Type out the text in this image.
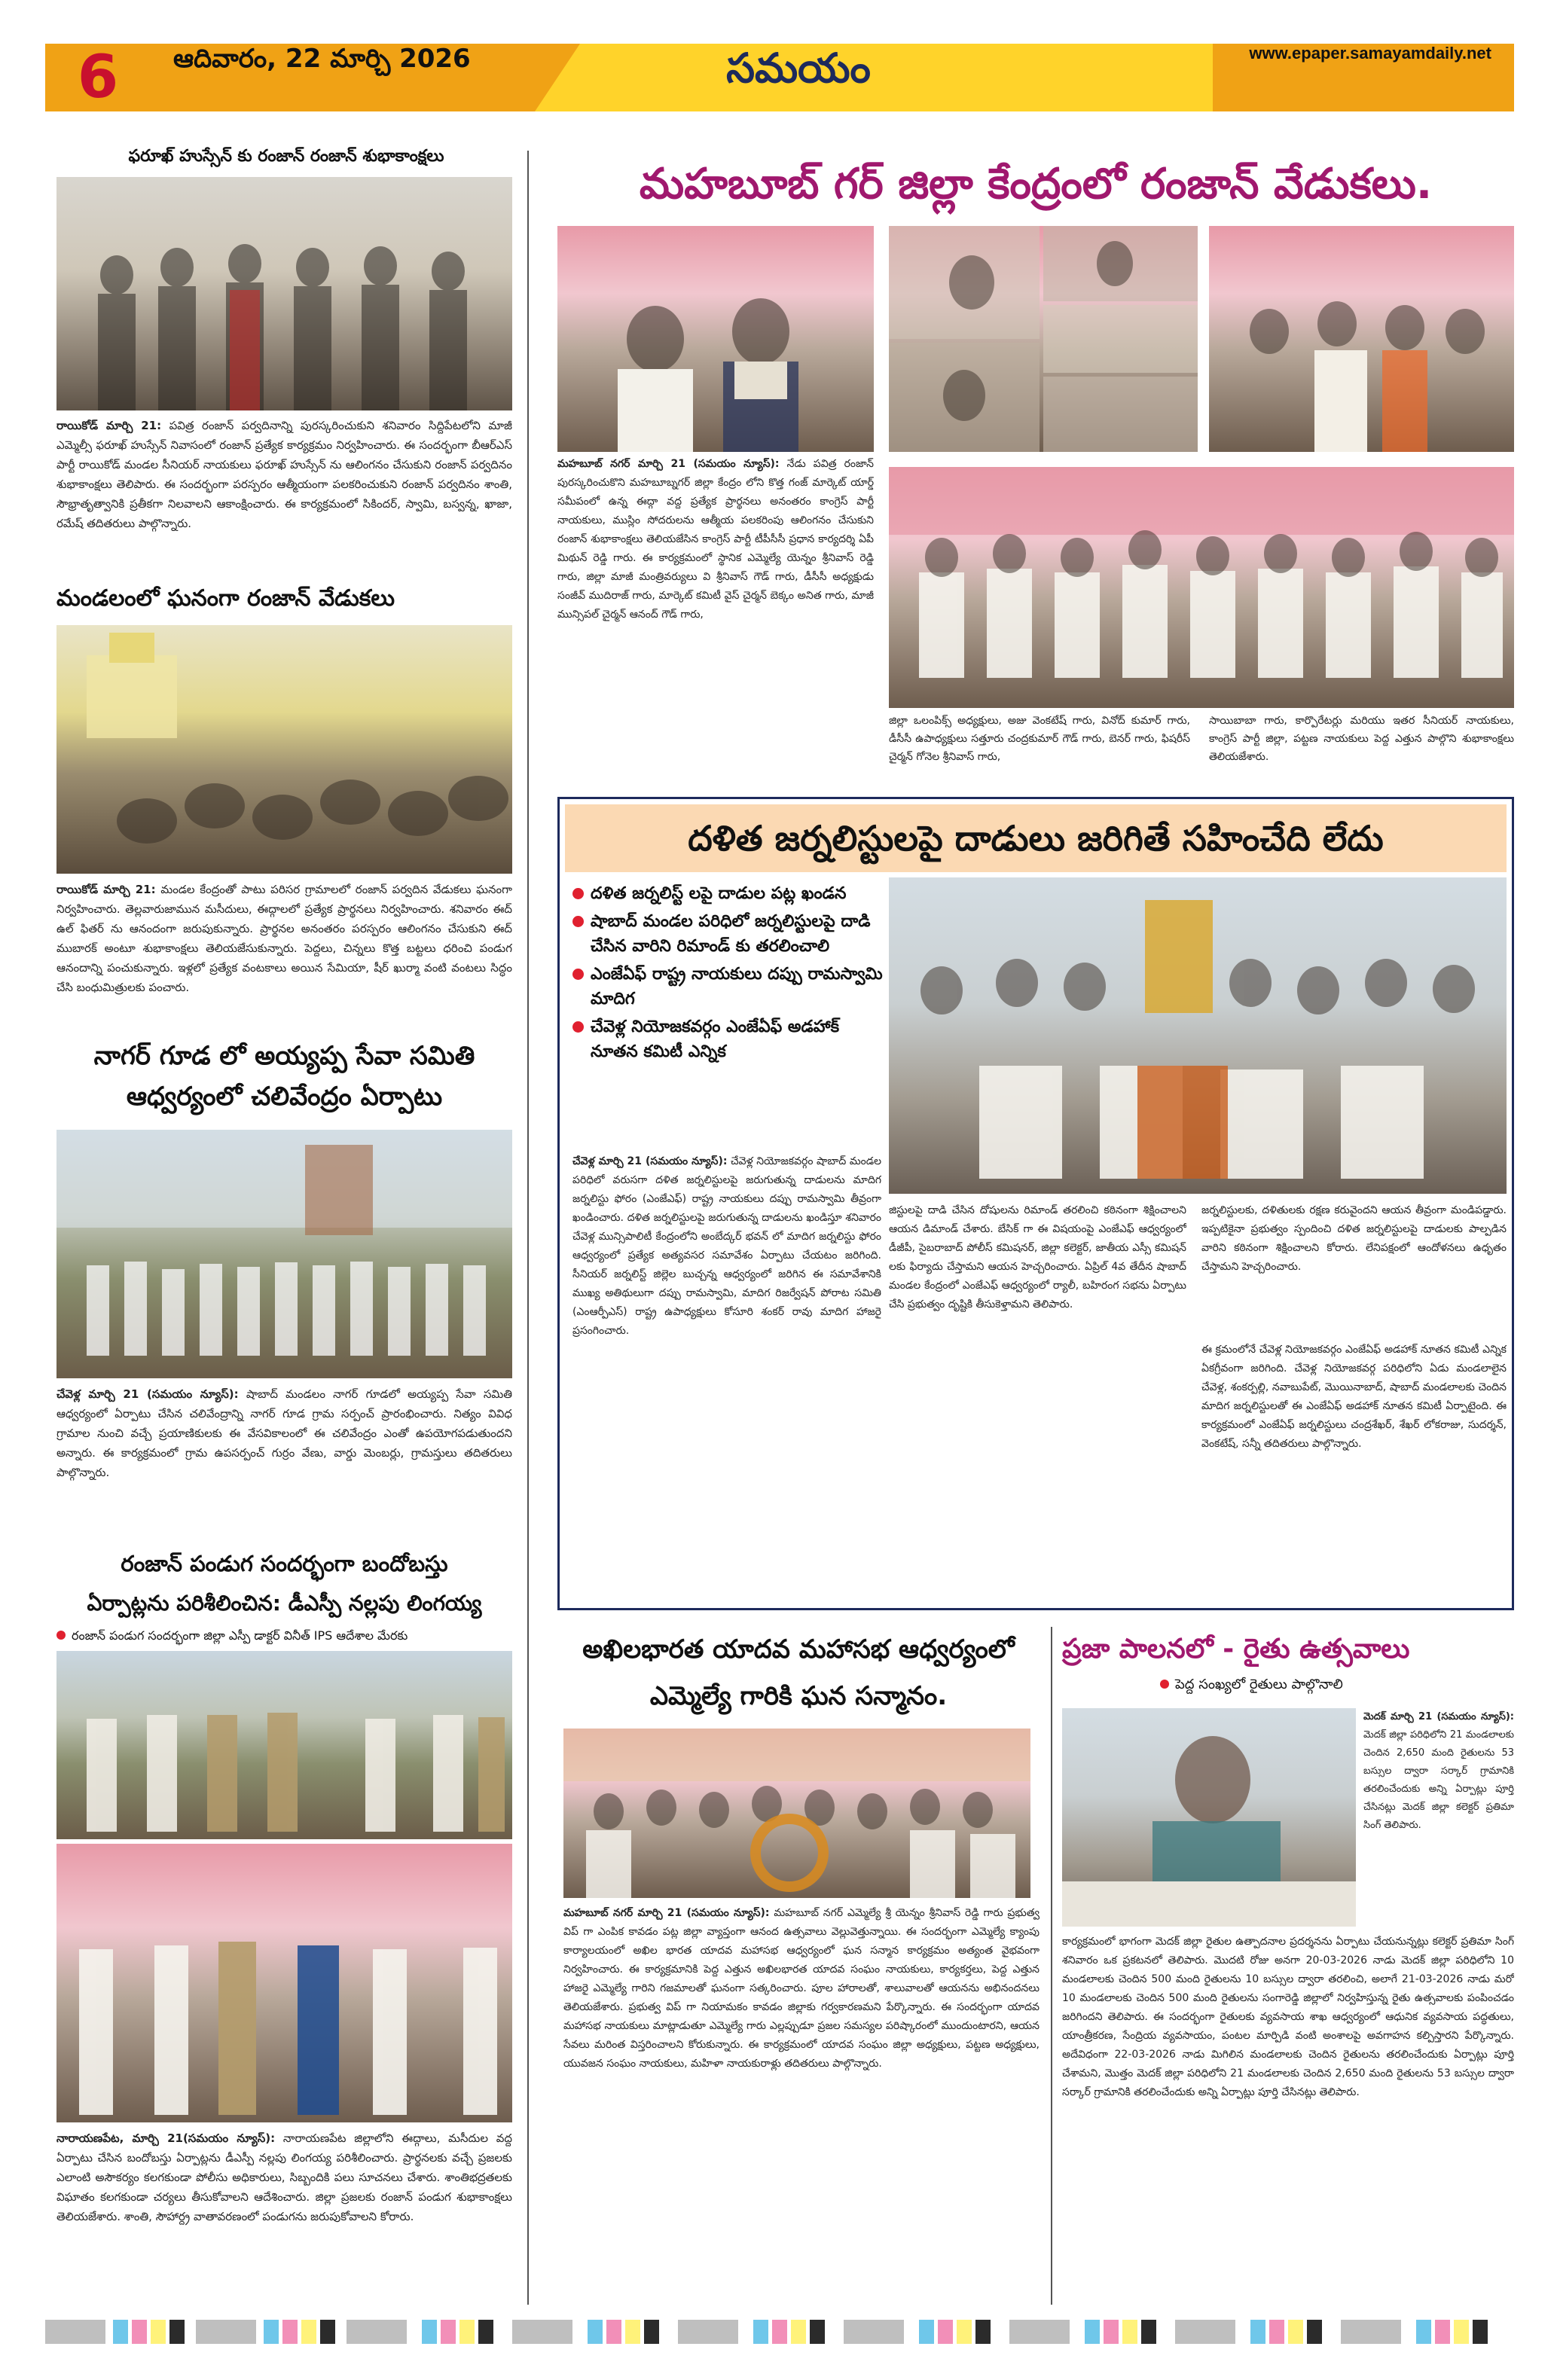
6	ఆదివారం, 22 మార్చి 2026	సమయం	www.epaper.samayamdaily.net
ఫరూఖ్ హుస్సేన్ కు రంజాన్ రంజాన్ శుభాకాంక్షలు
రాయికోడ్ మార్చి 21: పవిత్ర రంజాన్ పర్వదినాన్ని పురస్కరించుకుని శనివారం సిద్దిపేటలోని మాజీ ఎమ్మెల్సీ ఫరూఖ్ హుస్సేన్ నివాసంలో రంజాన్ ప్రత్యేక కార్యక్రమం నిర్వహించారు. ఈ సందర్భంగా బీఆర్ఎస్ పార్టీ రాయికోడ్ మండల సీనియర్ నాయకులు ఫరూఖ్ హుస్సేన్ ను ఆలింగనం చేసుకుని రంజాన్ పర్వదినం శుభాకాంక్షలు తెలిపారు. ఈ సందర్భంగా పరస్పరం ఆత్మీయంగా పలకరించుకుని రంజాన్ పర్వదినం శాంతి, సౌభ్రాతృత్వానికి ప్రతీకగా నిలవాలని ఆకాంక్షించారు. ఈ కార్యక్రమంలో సికిందర్, స్వామి, బస్వన్న, ఖాజా, రమేష్ తదితరులు పాల్గొన్నారు.
మండలంలో ఘనంగా రంజాన్ వేడుకలు
రాయికోడ్ మార్చి 21: మండల కేంద్రంతో పాటు పరిసర గ్రామాలలో రంజాన్ పర్వదిన వేడుకలు ఘనంగా నిర్వహించారు. తెల్లవారుజామున మసీదులు, ఈద్గాలలో ప్రత్యేక ప్రార్థనలు నిర్వహించారు. శనివారం ఈద్ ఉల్ ఫితర్ ను ఆనందంగా జరుపుకున్నారు. ప్రార్థనల అనంతరం పరస్పరం ఆలింగనం చేసుకుని ఈద్ ముబారక్ అంటూ శుభాకాంక్షలు తెలియజేసుకున్నారు. పెద్దలు, చిన్నలు కొత్త బట్టలు ధరించి పండుగ ఆనందాన్ని పంచుకున్నారు. ఇళ్లలో ప్రత్యేక వంటకాలు అయిన సేమియా, షీర్ ఖుర్మా వంటి వంటలు సిద్ధం చేసి బంధుమిత్రులకు పంచారు.
నాగర్ గూడ లో అయ్యప్ప సేవా సమితి ఆధ్వర్యంలో చలివేంద్రం ఏర్పాటు
చేవెళ్ల మార్చి 21 (సమయం న్యూస్): షాబాద్ మండలం నాగర్ గూడలో అయ్యప్ప సేవా సమితి ఆధ్వర్యంలో ఏర్పాటు చేసిన చలివేంద్రాన్ని నాగర్ గూడ గ్రామ సర్పంచ్ ప్రారంభించారు. నిత్యం వివిధ గ్రామాల నుంచి వచ్చే ప్రయాణికులకు ఈ వేసవికాలంలో ఈ చలివేంద్రం ఎంతో ఉపయోగపడుతుందని అన్నారు. ఈ కార్యక్రమంలో గ్రామ ఉపసర్పంచ్ గుర్రం వేణు, వార్డు మెంబర్లు, గ్రామస్తులు తదితరులు పాల్గొన్నారు.
రంజాన్ పండుగ సందర్భంగా బందోబస్తు
ఏర్పాట్లను పరిశీలించిన: డీఎస్పీ నల్లపు లింగయ్య
రంజాన్ పండుగ సందర్భంగా జిల్లా ఎస్పీ డాక్టర్ వినీత్ IPS ఆదేశాల మేరకు
నారాయణపేట, మార్చి 21(సమయం న్యూస్): నారాయణపేట జిల్లాలోని ఈద్గాలు, మసీదుల వద్ద ఏర్పాటు చేసిన బందోబస్తు ఏర్పాట్లను డీఎస్పీ నల్లపు లింగయ్య పరిశీలించారు. ప్రార్థనలకు వచ్చే ప్రజలకు ఎలాంటి అసౌకర్యం కలగకుండా పోలీసు అధికారులు, సిబ్బందికి పలు సూచనలు చేశారు. శాంతిభద్రతలకు విఘాతం కలగకుండా చర్యలు తీసుకోవాలని ఆదేశించారు. జిల్లా ప్రజలకు రంజాన్ పండుగ శుభాకాంక్షలు తెలియజేశారు. శాంతి, సౌహార్ద్ర వాతావరణంలో పండుగను జరుపుకోవాలని కోరారు.
మహబూబ్ గర్ జిల్లా కేంద్రంలో రంజాన్ వేడుకలు.
మహబూబ్ నగర్ మార్చి 21 (సమయం న్యూస్): నేడు పవిత్ర రంజాన్ పురస్కరించుకొని మహబూబ్నగర్ జిల్లా కేంద్రం లోని కొత్త గంజ్ మార్కెట్ యార్డ్ సమీపంలో ఉన్న ఈద్గా వద్ద ప్రత్యేక ప్రార్థనలు అనంతరం కాంగ్రెస్ పార్టీ నాయకులు, ముస్లిం సోదరులను ఆత్మీయ పలకరింపు ఆలింగనం చేసుకుని రంజాన్ శుభాకాంక్షలు తెలియజేసిన కాంగ్రెస్ పార్టీ టీపీసీసీ ప్రధాన కార్యదర్శి ఏపీ మిథున్ రెడ్డి గారు. ఈ కార్యక్రమంలో స్థానిక ఎమ్మెల్యే యెన్నం శ్రీనివాస్ రెడ్డి గారు, జిల్లా మాజీ మంత్రివర్యులు వి శ్రీనివాస్ గౌడ్ గారు, డీసీసీ అధ్యక్షుడు సంజీవ్ ముదిరాజ్ గారు, మార్కెట్ కమిటీ వైస్ చైర్మన్ బెక్కం అనిత గారు, మాజీ మున్సిపల్ చైర్మన్ ఆనంద్ గౌడ్ గారు,
జిల్లా ఒలంపిక్స్ అధ్యక్షులు, అజు వెంకటేష్ గారు, వినోద్ కుమార్ గారు, డీసీసీ ఉపాధ్యక్షులు సత్తూరు చంద్రకుమార్ గౌడ్ గారు, బెనర్ గారు, ఫిషరీస్ చైర్మన్ గోనెల శ్రీనివాస్ గారు,
సాయిబాబా గారు, కార్పొరేటర్లు మరియు ఇతర సీనియర్ నాయకులు, కాంగ్రెస్ పార్టీ జిల్లా, పట్టణ నాయకులు పెద్ద ఎత్తున పాల్గొని శుభాకాంక్షలు తెలియజేశారు.
దళిత జర్నలిస్టులపై దాడులు జరిగితే సహించేది లేదు
దళిత జర్నలిస్ట్ లపై దాడుల పట్ల ఖండన
షాబాద్ మండల పరిధిలో జర్నలిస్టులపై దాడి చేసిన వారిని రిమాండ్ కు తరలించాలి
ఎంజేఏఫ్ రాష్ట్ర నాయకులు దప్పు రామస్వామి మాదిగ
చేవెళ్ల నియోజకవర్గం ఎంజేఏఫ్ అడహాక్ నూతన కమిటీ ఎన్నిక
చేవెళ్ల మార్చి 21 (సమయం న్యూస్): చేవెళ్ల నియోజకవర్గం షాబాద్ మండల పరిధిలో వరుసగా దళిత జర్నలిస్టులపై జరుగుతున్న దాడులను మాదిగ జర్నలిస్టు ఫోరం (ఎంజేఎఫ్) రాష్ట్ర నాయకులు దప్పు రామస్వామి తీవ్రంగా ఖండించారు. దళిత జర్నలిస్టులపై జరుగుతున్న దాడులను ఖండిస్తూ శనివారం చేవెళ్ల మున్సిపాలిటీ కేంద్రంలోని అంబేద్కర్ భవన్ లో మాదిగ జర్నలిస్టు ఫోరం ఆధ్వర్యంలో ప్రత్యేక అత్యవసర సమావేశం ఏర్పాటు చేయటం జరిగింది. సీనియర్ జర్నలిస్ట్ జిల్లెల బుచ్చన్న ఆధ్వర్యంలో జరిగిన ఈ సమావేశానికి ముఖ్య అతిథులుగా దప్పు రామస్వామి, మాదిగ రిజర్వేషన్ పోరాట సమితి (ఎంఆర్పీఎస్) రాష్ట్ర ఉపాధ్యక్షులు కోసూరి శంకర్ రావు మాదిగ హాజరై ప్రసంగించారు.
జిస్టులపై దాడి చేసిన దోషులను రిమాండ్ తరలించి కఠినంగా శిక్షించాలని ఆయన డిమాండ్ చేశారు. బేసిక్ గా ఈ విషయంపై ఎంజేఎఫ్ ఆధ్వర్యంలో డీజీపీ, సైబరాబాద్ పోలీస్ కమిషనర్, జిల్లా కలెక్టర్, జాతీయ ఎస్సీ కమిషన్ లకు ఫిర్యాదు చేస్తామని ఆయన హెచ్చరించారు. ఏప్రిల్ 4వ తేదీన షాబాద్ మండల కేంద్రంలో ఎంజేఎఫ్ ఆధ్వర్యంలో ర్యాలీ, బహిరంగ సభను ఏర్పాటు చేసి ప్రభుత్వం దృష్టికి తీసుకెళ్తామని తెలిపారు.
జర్నలిస్టులకు, దళితులకు రక్షణ కరువైందని ఆయన తీవ్రంగా మండిపడ్డారు. ఇప్పటికైనా ప్రభుత్వం స్పందించి దళిత జర్నలిస్టులపై దాడులకు పాల్పడిన వారిని కఠినంగా శిక్షించాలని కోరారు. లేనిపక్షంలో ఆందోళనలు ఉధృతం చేస్తామని హెచ్చరించారు.
ఈ క్రమంలోనే చేవెళ్ల నియోజకవర్గం ఎంజేఏఫ్ అడహాక్ నూతన కమిటీ ఎన్నిక ఏకగ్రీవంగా జరిగింది. చేవెళ్ల నియోజకవర్గ పరిధిలోని ఏడు మండలాలైన చేవెళ్ల, శంకర్పల్లి, నవాబుపేట్, మొయినాబాద్, షాబాద్ మండలాలకు చెందిన మాదిగ జర్నలిస్టులతో ఈ ఎంజేఏఫ్ అడహాక్ నూతన కమిటీ ఏర్పాటైంది. ఈ కార్యక్రమంలో ఎంజేఏఫ్ జర్నలిస్టులు చంద్రశేఖర్, శేఖర్ లోకరాజు, సుదర్శన్, వెంకటేష్, సన్నీ తదితరులు పాల్గొన్నారు.
అఖిలభారత యాదవ మహాసభ ఆధ్వర్యంలో
ఎమ్మెల్యే గారికి ఘన సన్మానం.
మహబూబ్ నగర్ మార్చి 21 (సమయం న్యూస్): మహబూబ్ నగర్ ఎమ్మెల్యే శ్రీ యెన్నం శ్రీనివాస్ రెడ్డి గారు ప్రభుత్వ విప్ గా ఎంపిక కావడం పట్ల జిల్లా వ్యాప్తంగా ఆనంద ఉత్సవాలు వెల్లువెత్తున్నాయి. ఈ సందర్భంగా ఎమ్మెల్యే క్యాంపు కార్యాలయంలో అఖిల భారత యాదవ మహాసభ ఆధ్వర్యంలో ఘన సన్మాన కార్యక్రమం అత్యంత వైభవంగా నిర్వహించారు. ఈ కార్యక్రమానికి పెద్ద ఎత్తున అఖిలభారత యాదవ సంఘం నాయకులు, కార్యకర్తలు, పెద్ద ఎత్తున హాజరై ఎమ్మెల్యే గారిని గజమాలతో ఘనంగా సత్కరించారు. పూల హారాలతో, శాలువాలతో ఆయనను అభినందనలు తెలియజేశారు. ప్రభుత్వ విప్ గా నియామకం కావడం జిల్లాకు గర్వకారణమని పేర్కొన్నారు. ఈ సందర్భంగా యాదవ మహాసభ నాయకులు మాట్లాడుతూ ఎమ్మెల్యే గారు ఎల్లప్పుడూ ప్రజల సమస్యల పరిష్కారంలో ముందుంటారని, ఆయన సేవలు మరింత విస్తరించాలని కోరుకున్నారు. ఈ కార్యక్రమంలో యాదవ సంఘం జిల్లా అధ్యక్షులు, పట్టణ అధ్యక్షులు, యువజన సంఘం నాయకులు, మహిళా నాయకురాళ్లు తదితరులు పాల్గొన్నారు.
ప్రజా పాలనలో - రైతు ఉత్సవాలు
పెద్ద సంఖ్యలో రైతులు పాల్గొనాలి
మెదక్ మార్చి 21 (సమయం న్యూస్): మెదక్ జిల్లా పరిధిలోని 21 మండలాలకు చెందిన 2,650 మంది రైతులను 53 బస్సుల ద్వారా సర్కార్ గ్రామానికి తరలించేందుకు అన్ని ఏర్పాట్లు పూర్తి చేసినట్లు మెదక్ జిల్లా కలెక్టర్ ప్రతిమా సింగ్ తెలిపారు.
కార్యక్రమంలో భాగంగా మెదక్ జిల్లా రైతుల ఉత్పాదనాల ప్రదర్శనను ఏర్పాటు చేయనున్నట్లు కలెక్టర్ ప్రతిమా సింగ్ శనివారం ఒక ప్రకటనలో తెలిపారు. మొదటి రోజు అనగా 20-03-2026 నాడు మెదక్ జిల్లా పరిధిలోని 10 మండలాలకు చెందిన 500 మంది రైతులను 10 బస్సుల ద్వారా తరలించి, అలాగే 21-03-2026 నాడు మరో 10 మండలాలకు చెందిన 500 మంది రైతులను సంగారెడ్డి జిల్లాలో నిర్వహిస్తున్న రైతు ఉత్సవాలకు పంపించడం జరిగిందని తెలిపారు. ఈ సందర్భంగా రైతులకు వ్యవసాయ శాఖ ఆధ్వర్యంలో ఆధునిక వ్యవసాయ పద్ధతులు, యాంత్రీకరణ, సేంద్రియ వ్యవసాయం, పంటల మార్పిడి వంటి అంశాలపై అవగాహన కల్పిస్తారని పేర్కొన్నారు. అదేవిధంగా 22-03-2026 నాడు మిగిలిన మండలాలకు చెందిన రైతులను తరలించేందుకు ఏర్పాట్లు పూర్తి చేశామని, మొత్తం మెదక్ జిల్లా పరిధిలోని 21 మండలాలకు చెందిన 2,650 మంది రైతులను 53 బస్సుల ద్వారా సర్కార్ గ్రామానికి తరలించేందుకు అన్ని ఏర్పాట్లు పూర్తి చేసినట్లు తెలిపారు.
